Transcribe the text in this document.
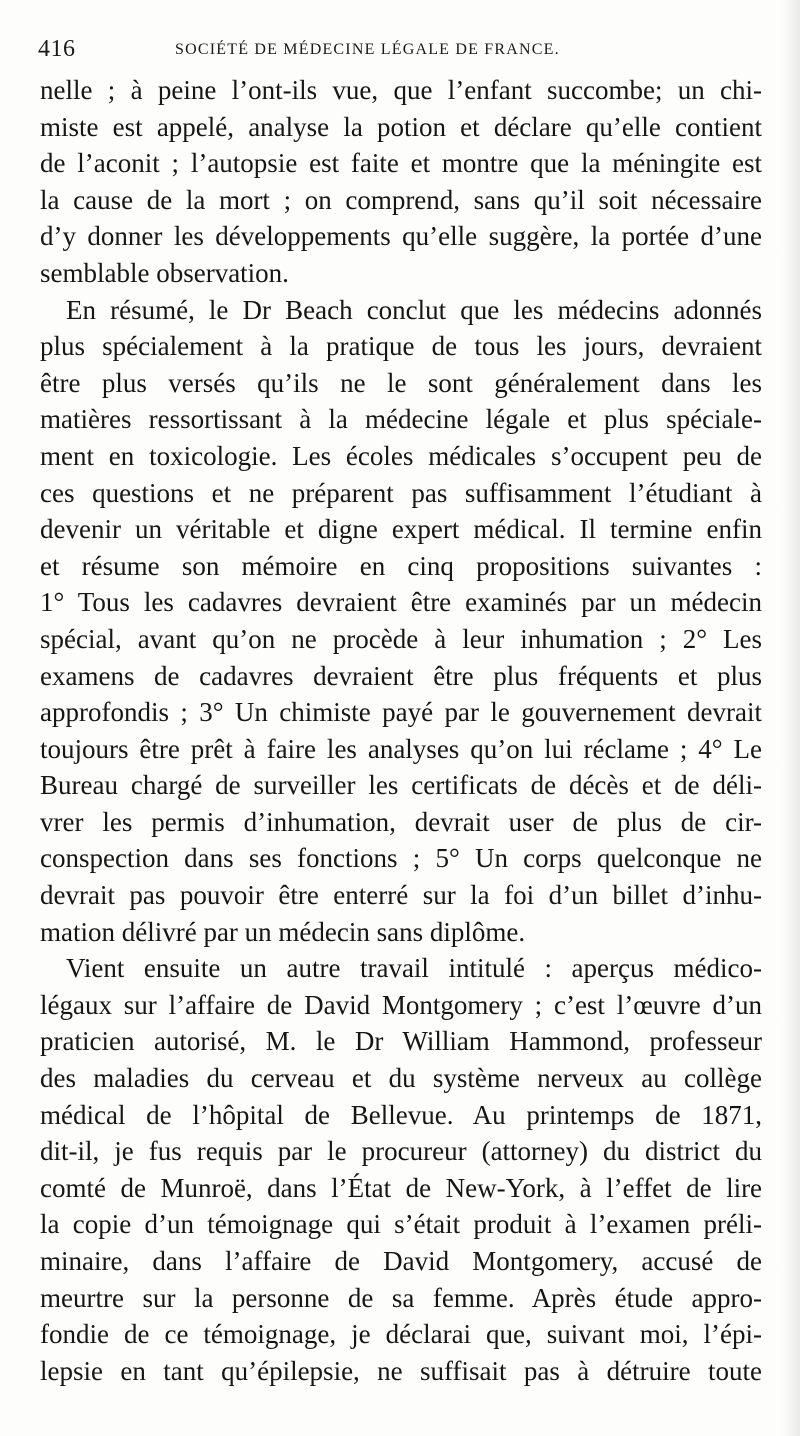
416	SOCIÉTÉ DE MÉDECINE LÉGALE DE FRANCE.
nelle ; à peine l’ont-ils vue, que l’enfant succombe; un chi-
miste est appelé, analyse la potion et déclare qu’elle contient
de l’aconit ; l’autopsie est faite et montre que la méningite est
la cause de la mort ; on comprend, sans qu’il soit nécessaire
d’y donner les développements qu’elle suggère, la portée d’une
semblable observation.
En résumé, le Dr Beach conclut que les médecins adonnés
plus spécialement à la pratique de tous les jours, devraient
être plus versés qu’ils ne le sont généralement dans les
matières ressortissant à la médecine légale et plus spéciale-
ment en toxicologie. Les écoles médicales s’occupent peu de
ces questions et ne préparent pas suffisamment l’étudiant à
devenir un véritable et digne expert médical. Il termine enfin
et résume son mémoire en cinq propositions suivantes :
1° Tous les cadavres devraient être examinés par un médecin
spécial, avant qu’on ne procède à leur inhumation ; 2° Les
examens de cadavres devraient être plus fréquents et plus
approfondis ; 3° Un chimiste payé par le gouvernement devrait
toujours être prêt à faire les analyses qu’on lui réclame ; 4° Le
Bureau chargé de surveiller les certificats de décès et de déli-
vrer les permis d’inhumation, devrait user de plus de cir-
conspection dans ses fonctions ; 5° Un corps quelconque ne
devrait pas pouvoir être enterré sur la foi d’un billet d’inhu-
mation délivré par un médecin sans diplôme.
Vient ensuite un autre travail intitulé : aperçus médico-
légaux sur l’affaire de David Montgomery ; c’est l’œuvre d’un
praticien autorisé, M. le Dr William Hammond, professeur
des maladies du cerveau et du système nerveux au collège
médical de l’hôpital de Bellevue. Au printemps de 1871,
dit-il, je fus requis par le procureur (attorney) du district du
comté de Munroë, dans l’État de New-York, à l’effet de lire
la copie d’un témoignage qui s’était produit à l’examen préli-
minaire, dans l’affaire de David Montgomery, accusé de
meurtre sur la personne de sa femme. Après étude appro-
fondie de ce témoignage, je déclarai que, suivant moi, l’épi-
lepsie en tant qu’épilepsie, ne suffisait pas à détruire toute
